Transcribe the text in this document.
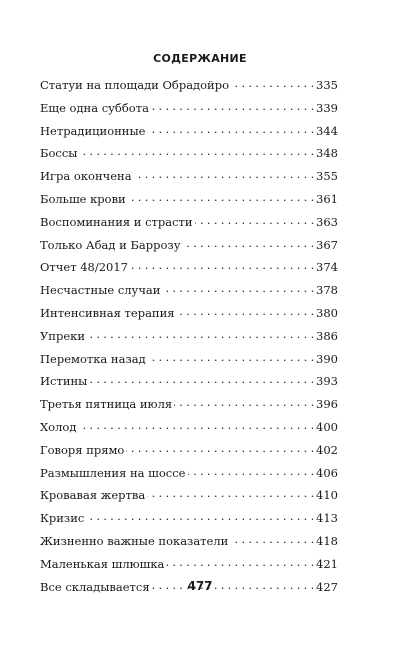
СОДЕРЖАНИЕ
Статуи на площади Обрадойро . . .	335
Еще одна суббота . . .	339
Нетрадиционные . . .	344
Боссы . . .	348
Игра окончена . . .	355
Больше крови . . .	361
Воспоминания и страсти . . .	363
Только Абад и Баррозу . . .	367
Отчет 48/2017 . . .	374
Несчастные случаи . . .	378
Интенсивная терапия . . .	380
Упреки . . .	386
Перемотка назад . . .	390
Истины . . .	393
Третья пятница июля . . .	396
Холод . . .	400
Говоря прямо . . .	402
Размышления на шоссе . . .	406
Кровавая жертва . . .	410
Кризис . . .	413
Жизненно важные показатели . . .	418
Маленькая шлюшка . . .	421
Все складывается . . .	427
477
